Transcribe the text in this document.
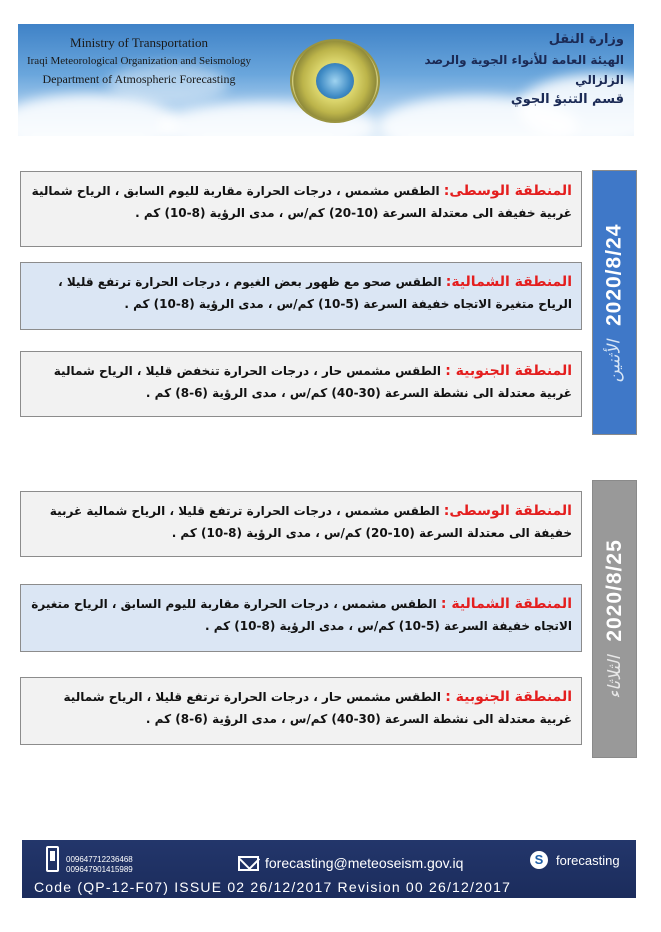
Ministry of Transportation
Iraqi Meteorological Organization and Seismology
Department of Atmospheric Forecasting
وزارة النقل
الهيئة العامة للأنواء الجوية والرصد الزلزالي
قسم التنبؤ الجوي
2020/8/24
الأثنين
المنطقة الوسطى: الطقس مشمس ، درجات الحرارة مقاربة لليوم السابق ، الرياح شمالية غربية خفيفة الى معتدلة السرعة (10-20) كم/س ، مدى الرؤية (8-10) كم .
المنطقة الشمالية: الطقس صحو مع ظهور بعض الغيوم ، درجات الحرارة ترتفع قليلا ، الرياح متغيرة الاتجاه خفيفة السرعة (5-10) كم/س ، مدى الرؤية (8-10) كم .
المنطقة الجنوبية : الطقس مشمس حار ، درجات الحرارة تنخفض قليلا ، الرياح شمالية غربية معتدلة الى نشطة السرعة (30-40) كم/س ، مدى الرؤية (6-8) كم .
2020/8/25
الثلاثاء
المنطقة الوسطى: الطقس مشمس ، درجات الحرارة ترتفع قليلا ، الرياح شمالية غربية خفيفة الى معتدلة السرعة (10-20) كم/س ، مدى الرؤية (8-10) كم .
المنطقة الشمالية : الطقس مشمس ، درجات الحرارة مقاربة لليوم السابق ، الرياح متغيرة الاتجاه خفيفة السرعة (5-10) كم/س ، مدى الرؤية (8-10) كم .
المنطقة الجنوبية : الطقس مشمس حار ، درجات الحرارة ترتفع قليلا ، الرياح شمالية غربية معتدلة الى نشطة السرعة (30-40) كم/س ، مدى الرؤية (6-8) كم .
009647712236468
009647901415989	forecasting@meteoseism.gov.iq	S forecasting
Code (QP-12-F07) ISSUE 02 26/12/2017 Revision 00 26/12/2017
